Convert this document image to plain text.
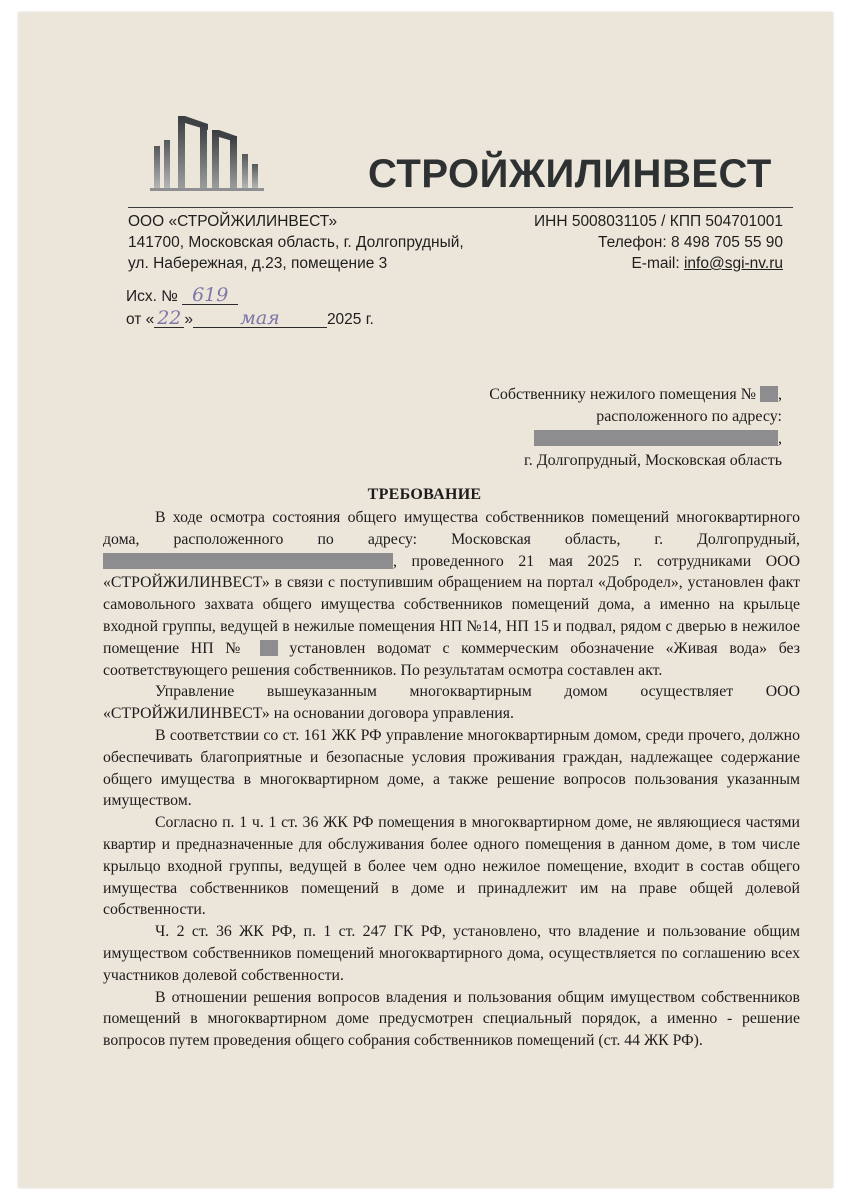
СТРОЙЖИЛИНВЕСТ
ООО «СТРОЙЖИЛИНВЕСТ»
141700, Московская область, г. Долгопрудный,
ул. Набережная, д.23, помещение 3
ИНН 5008031105 / КПП 504701001
Телефон: 8 498 705 55 90
E-mail: info@sgi-nv.ru
Исх. № 619
от « 22 » мая	2025 г.
Собственнику нежилого помещения № ,
расположенного по адресу:
,
г. Долгопрудный, Московская область
ТРЕБОВАНИЕ

В ходе осмотра состояния общего имущества собственников помещений многоквартирного дома, расположенного по адресу: Московская область, г. Долгопрудный, , проведенного 21 мая 2025 г. сотрудниками ООО «СТРОЙЖИЛИНВЕСТ» в связи с поступившим обращением на портал «Добродел», установлен факт самовольного захвата общего имущества собственников помещений дома, а именно на крыльце входной группы, ведущей в нежилые помещения НП №14, НП 15 и подвал, рядом с дверью в нежилое помещение НП №	установлен водомат с коммерческим обозначение «Живая вода» без соответствующего решения собственников. По результатам осмотра составлен акт.

Управление вышеуказанным многоквартирным домом осуществляет ООО «СТРОЙЖИЛИНВЕСТ» на основании договора управления.

В соответствии со ст. 161 ЖК РФ управление многоквартирным домом, среди прочего, должно обеспечивать благоприятные и безопасные условия проживания граждан, надлежащее содержание общего имущества в многоквартирном доме, а также решение вопросов пользования указанным имуществом.

Согласно п. 1 ч. 1 ст. 36 ЖК РФ помещения в многоквартирном доме, не являющиеся частями квартир и предназначенные для обслуживания более одного помещения в данном доме, в том числе крыльцо входной группы, ведущей в более чем одно нежилое помещение, входит в состав общего имущества собственников помещений в доме и принадлежит им на праве общей долевой собственности.

Ч. 2 ст. 36 ЖК РФ, п. 1 ст. 247 ГК РФ, установлено, что владение и пользование общим имуществом собственников помещений многоквартирного дома, осуществляется по соглашению всех участников долевой собственности.

В отношении решения вопросов владения и пользования общим имуществом собственников помещений в многоквартирном доме предусмотрен специальный порядок, а именно - решение вопросов путем проведения общего собрания собственников помещений (ст. 44 ЖК РФ).
